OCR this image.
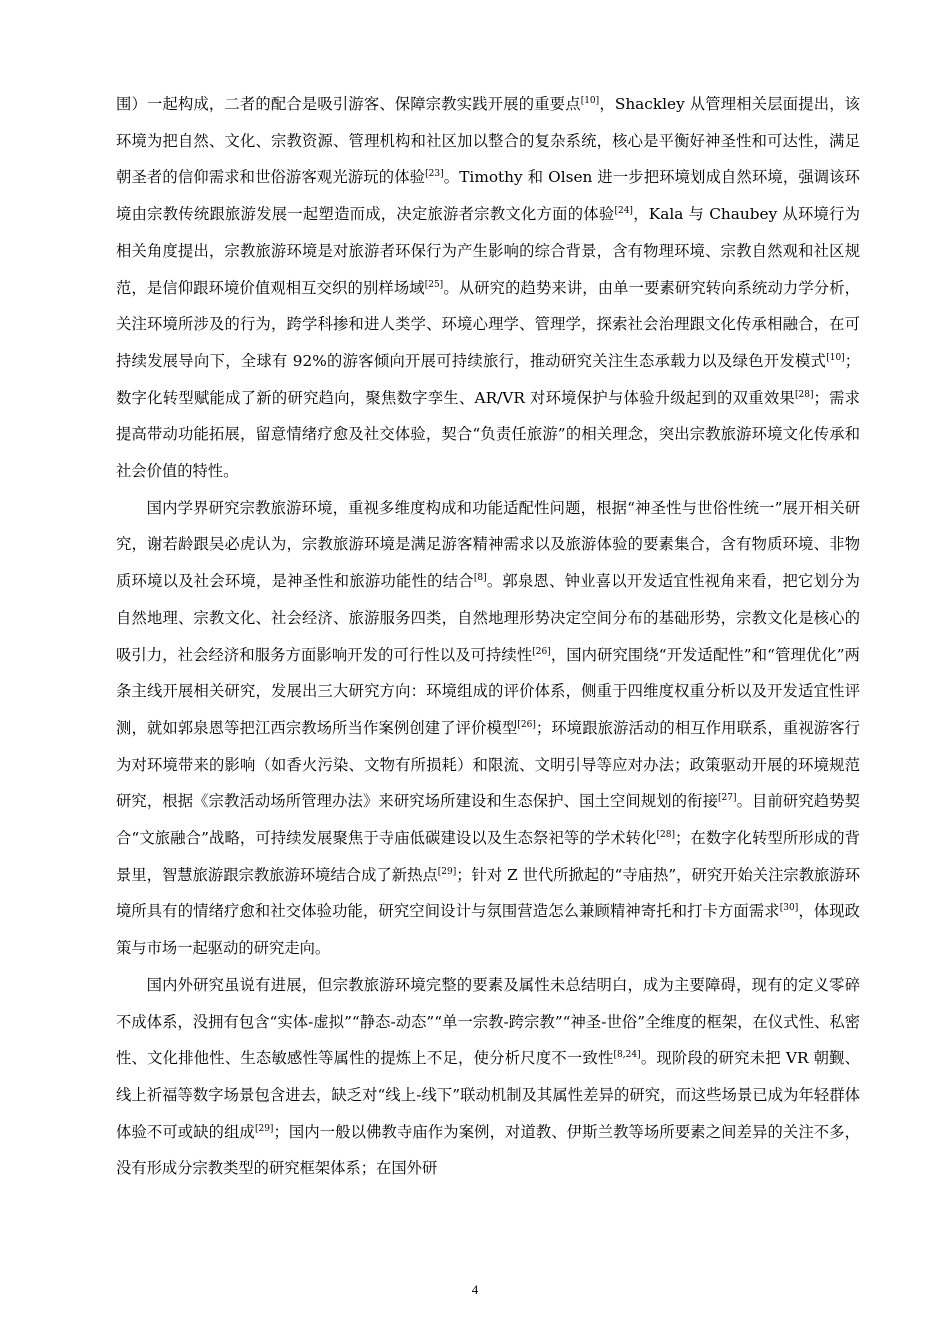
围）一起构成，二者的配合是吸引游客、保障宗教实践开展的重要点[10]，Shackley 从管理相关层面提出，该环境为把自然、文化、宗教资源、管理机构和社区加以整合的复杂系统，核心是平衡好神圣性和可达性，满足朝圣者的信仰需求和世俗游客观光游玩的体验[23]。Timothy 和 Olsen 进一步把环境划成自然环境，强调该环境由宗教传统跟旅游发展一起塑造而成，决定旅游者宗教文化方面的体验[24]，Kala 与 Chaubey 从环境行为相关角度提出，宗教旅游环境是对旅游者环保行为产生影响的综合背景，含有物理环境、宗教自然观和社区规范，是信仰跟环境价值观相互交织的别样场域[25]。从研究的趋势来讲，由单一要素研究转向系统动力学分析，关注环境所涉及的行为，跨学科掺和进人类学、环境心理学、管理学，探索社会治理跟文化传承相融合，在可持续发展导向下，全球有 92%的游客倾向开展可持续旅行，推动研究关注生态承载力以及绿色开发模式[10]；数字化转型赋能成了新的研究趋向，聚焦数字孪生、AR/VR 对环境保护与体验升级起到的双重效果[28]；需求提高带动功能拓展，留意情绪疗愈及社交体验，契合“负责任旅游”的相关理念，突出宗教旅游环境文化传承和社会价值的特性。

国内学界研究宗教旅游环境，重视多维度构成和功能适配性问题，根据“神圣性与世俗性统一”展开相关研究，谢若龄跟吴必虎认为，宗教旅游环境是满足游客精神需求以及旅游体验的要素集合，含有物质环境、非物质环境以及社会环境，是神圣性和旅游功能性的结合[8]。郭泉恩、钟业喜以开发适宜性视角来看，把它划分为自然地理、宗教文化、社会经济、旅游服务四类，自然地理形势决定空间分布的基础形势，宗教文化是核心的吸引力，社会经济和服务方面影响开发的可行性以及可持续性[26]，国内研究围绕“开发适配性”和“管理优化”两条主线开展相关研究，发展出三大研究方向：环境组成的评价体系，侧重于四维度权重分析以及开发适宜性评测，就如郭泉恩等把江西宗教场所当作案例创建了评价模型[26]；环境跟旅游活动的相互作用联系，重视游客行为对环境带来的影响（如香火污染、文物有所损耗）和限流、文明引导等应对办法；政策驱动开展的环境规范研究，根据《宗教活动场所管理办法》来研究场所建设和生态保护、国土空间规划的衔接[27]。目前研究趋势契合“文旅融合”战略，可持续发展聚焦于寺庙低碳建设以及生态祭祀等的学术转化[28]；在数字化转型所形成的背景里，智慧旅游跟宗教旅游环境结合成了新热点[29]；针对 Z 世代所掀起的“寺庙热”，研究开始关注宗教旅游环境所具有的情绪疗愈和社交体验功能，研究空间设计与氛围营造怎么兼顾精神寄托和打卡方面需求[30]，体现政策与市场一起驱动的研究走向。

国内外研究虽说有进展，但宗教旅游环境完整的要素及属性未总结明白，成为主要障碍，现有的定义零碎不成体系，没拥有包含“实体-虚拟”“静态-动态”“单一宗教-跨宗教”“神圣-世俗”全维度的框架，在仪式性、私密性、文化排他性、生态敏感性等属性的提炼上不足，使分析尺度不一致性[8,24]。现阶段的研究未把 VR 朝觐、线上祈福等数字场景包含进去，缺乏对“线上-线下”联动机制及其属性差异的研究，而这些场景已成为年轻群体体验不可或缺的组成[29]；国内一般以佛教寺庙作为案例，对道教、伊斯兰教等场所要素之间差异的关注不多，没有形成分宗教类型的研究框架体系；在国外研

4
